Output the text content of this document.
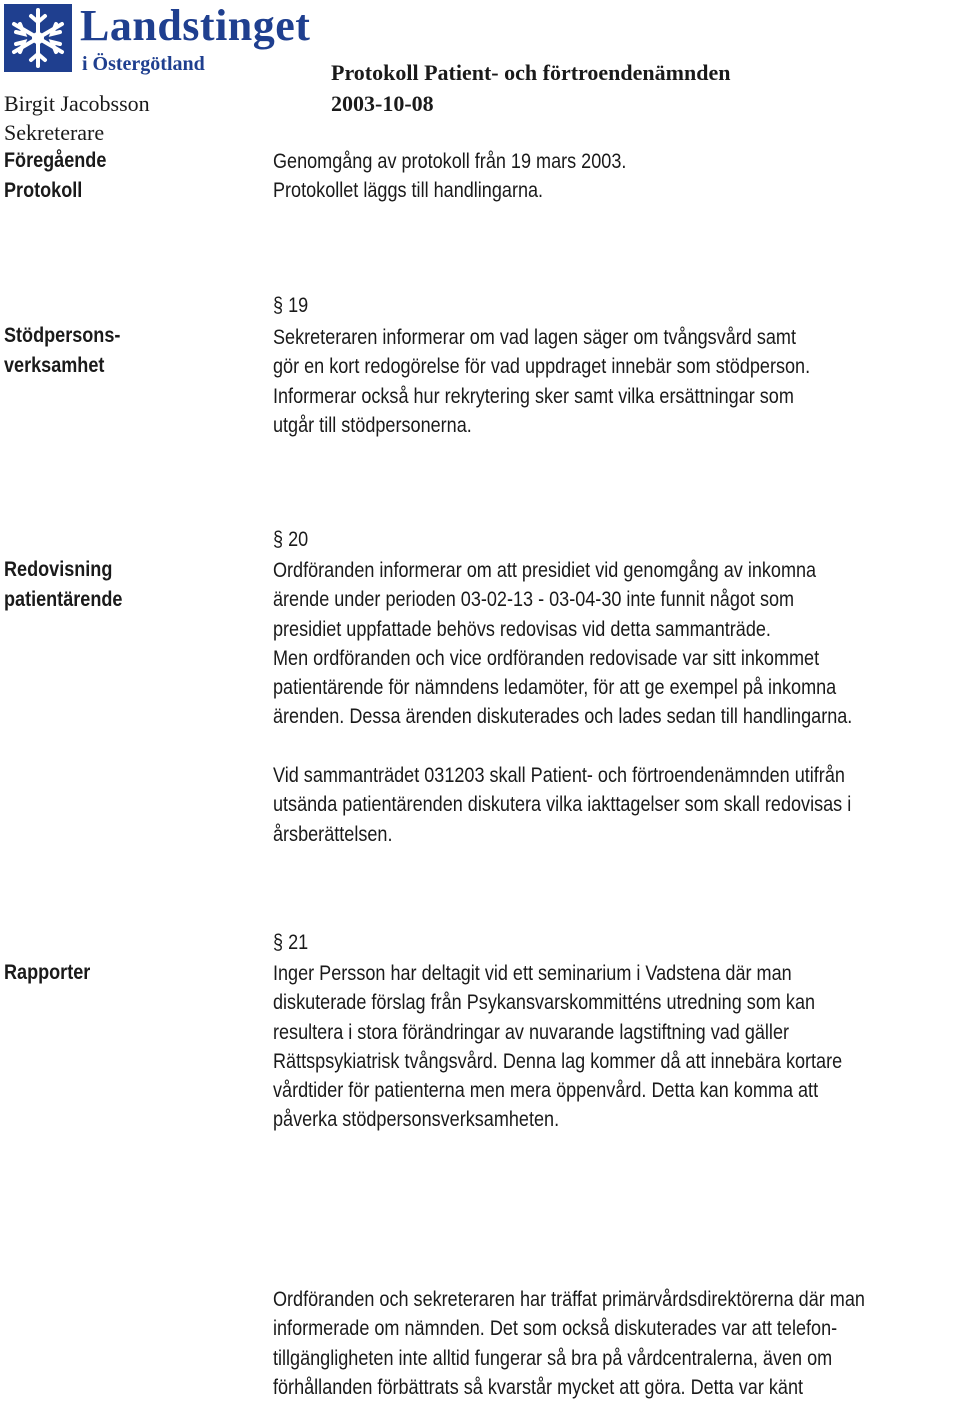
Landstinget
i Östergötland	Protokoll Patient- och förtroendenämnden
Birgit Jacobsson	2003-10-08
Sekreterare
Föregående
Protokoll
Genomgång av protokoll från 19 mars 2003.
Protokollet läggs till handlingarna.
Stödpersons-
verksamhet
§ 19
Sekreteraren informerar om vad lagen säger om tvångsvård samt
gör en kort redogörelse för vad uppdraget innebär som stödperson.
Informerar också hur rekrytering sker samt vilka ersättningar som
utgår till stödpersonerna.
Redovisning
patientärende
§ 20
Ordföranden informerar om att presidiet vid genomgång av inkomna
ärende under perioden 03-02-13 - 03-04-30 inte funnit något som
presidiet uppfattade behövs redovisas vid detta sammanträde.
Men ordföranden och vice ordföranden redovisade var sitt inkommet
patientärende för nämndens ledamöter, för att ge exempel på inkomna
ärenden. Dessa ärenden diskuterades och lades sedan till handlingarna.
Vid sammanträdet 031203 skall Patient- och förtroendenämnden utifrån
utsända patientärenden diskutera vilka iakttagelser som skall redovisas i
årsberättelsen.
Rapporter
§ 21
Inger Persson har deltagit vid ett seminarium i Vadstena där man
diskuterade förslag från Psykansvarskommitténs utredning som kan
resultera i stora förändringar av nuvarande lagstiftning vad gäller
Rättspsykiatrisk tvångsvård. Denna lag kommer då att innebära kortare
vårdtider för patienterna men mera öppenvård. Detta kan komma att
påverka stödpersonsverksamheten.
Ordföranden och sekreteraren har träffat primärvårdsdirektörerna där man
informerade om nämnden. Det som också diskuterades var att telefon-
tillgängligheten inte alltid fungerar så bra på vårdcentralerna, även om
förhållanden förbättrats så kvarstår mycket att göra. Detta var känt
